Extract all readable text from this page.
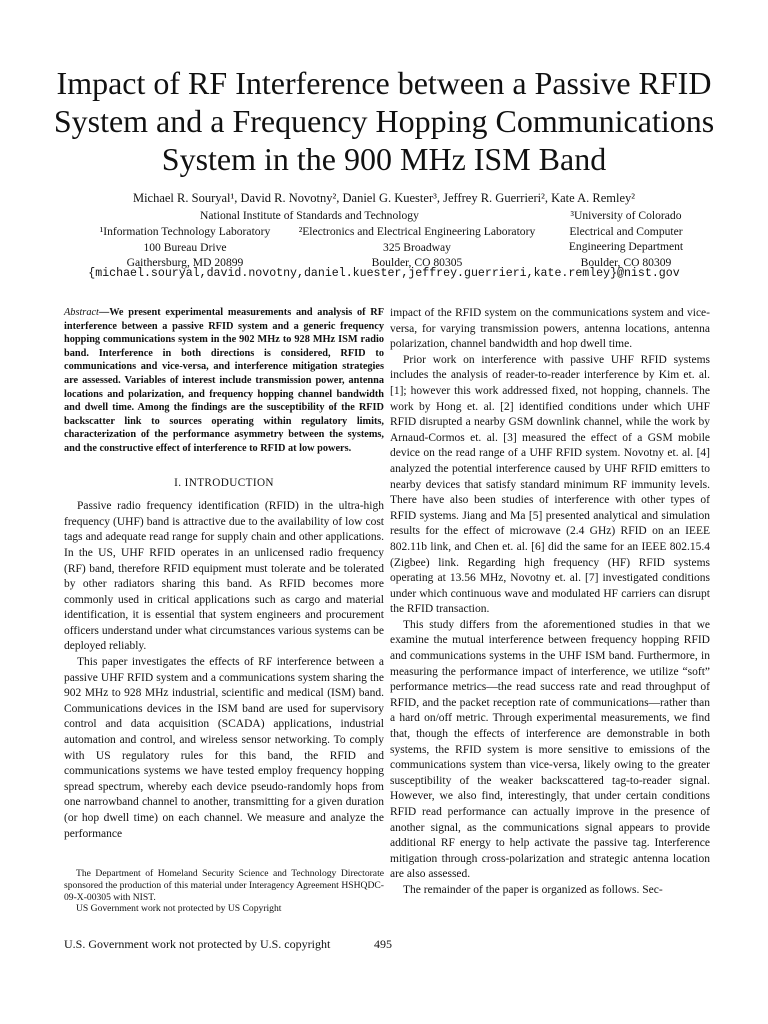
Impact of RF Interference between a Passive RFID System and a Frequency Hopping Communications System in the 900 MHz ISM Band
Michael R. Souryal¹, David R. Novotny², Daniel G. Kuester³, Jeffrey R. Guerrieri², Kate A. Remley²
National Institute of Standards and Technology
¹Information Technology Laboratory
100 Bureau Drive
Gaithersburg, MD 20899
²Electronics and Electrical Engineering Laboratory
325 Broadway
Boulder, CO 80305
³University of Colorado
Electrical and Computer
Engineering Department
Boulder, CO 80309
{michael.souryal,david.novotny,daniel.kuester,jeffrey.guerrieri,kate.remley}@nist.gov

Abstract—We present experimental measurements and analysis of RF interference between a passive RFID system and a generic frequency hopping communications system in the 902 MHz to 928 MHz ISM radio band. Interference in both directions is considered, RFID to communications and vice-versa, and interference mitigation strategies are assessed. Variables of interest include transmission power, antenna locations and polarization, and frequency hopping channel bandwidth and dwell time. Among the findings are the susceptibility of the RFID backscatter link to sources operating within regulatory limits, characterization of the performance asymmetry between the systems, and the constructive effect of interference to RFID at low powers.

I. INTRODUCTION

Passive radio frequency identification (RFID) in the ultra-high frequency (UHF) band is attractive due to the availability of low cost tags and adequate read range for supply chain and other applications. In the US, UHF RFID operates in an unlicensed radio frequency (RF) band, therefore RFID equipment must tolerate and be tolerated by other radiators sharing this band. As RFID becomes more commonly used in critical applications such as cargo and material identification, it is essential that system engineers and procurement officers understand under what circumstances various systems can be deployed reliably.

This paper investigates the effects of RF interference between a passive UHF RFID system and a communications system sharing the 902 MHz to 928 MHz industrial, scientific and medical (ISM) band. Communications devices in the ISM band are used for supervisory control and data acquisition (SCADA) applications, industrial automation and control, and wireless sensor networking. To comply with US regulatory rules for this band, the RFID and communications systems we have tested employ frequency hopping spread spectrum, whereby each device pseudo-randomly hops from one narrowband channel to another, transmitting for a given duration (or hop dwell time) on each channel. We measure and analyze the performance

impact of the RFID system on the communications system and vice-versa, for varying transmission powers, antenna locations, antenna polarization, channel bandwidth and hop dwell time.

Prior work on interference with passive UHF RFID systems includes the analysis of reader-to-reader interference by Kim et. al. [1]; however this work addressed fixed, not hopping, channels. The work by Hong et. al. [2] identified conditions under which UHF RFID disrupted a nearby GSM downlink channel, while the work by Arnaud-Cormos et. al. [3] measured the effect of a GSM mobile device on the read range of a UHF RFID system. Novotny et. al. [4] analyzed the potential interference caused by UHF RFID emitters to nearby devices that satisfy standard minimum RF immunity levels. There have also been studies of interference with other types of RFID systems. Jiang and Ma [5] presented analytical and simulation results for the effect of microwave (2.4 GHz) RFID on an IEEE 802.11b link, and Chen et. al. [6] did the same for an IEEE 802.15.4 (Zigbee) link. Regarding high frequency (HF) RFID systems operating at 13.56 MHz, Novotny et. al. [7] investigated conditions under which continuous wave and modulated HF carriers can disrupt the RFID transaction.

This study differs from the aforementioned studies in that we examine the mutual interference between frequency hopping RFID and communications systems in the UHF ISM band. Furthermore, in measuring the performance impact of interference, we utilize “soft” performance metrics—the read success rate and read throughput of RFID, and the packet reception rate of communications—rather than a hard on/off metric. Through experimental measurements, we find that, though the effects of interference are demonstrable in both systems, the RFID system is more sensitive to emissions of the communications system than vice-versa, likely owing to the greater susceptibility of the weaker backscattered tag-to-reader signal. However, we also find, interestingly, that under certain conditions RFID read performance can actually improve in the presence of another signal, as the communications signal appears to provide additional RF energy to help activate the passive tag. Interference mitigation through cross-polarization and strategic antenna location are also assessed.

The remainder of the paper is organized as follows. Sec-

The Department of Homeland Security Science and Technology Directorate sponsored the production of this material under Interagency Agreement HSHQDC-09-X-00305 with NIST.
US Government work not protected by US Copyright
U.S. Government work not protected by U.S. copyright	495
